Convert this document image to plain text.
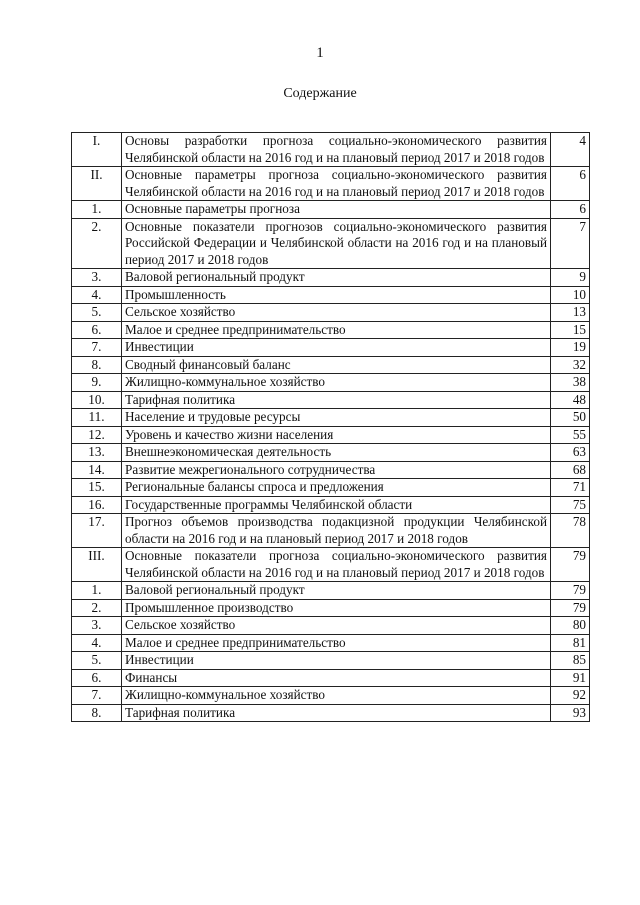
1
Содержание
I.	Основы разработки прогноза социально-экономического развития Челябинской области на 2016 год и на плановый период 2017 и 2018 годов	4
II.	Основные параметры прогноза социально-экономического развития Челябинской области на 2016 год и на плановый период 2017 и 2018 годов	6
1.	Основные параметры прогноза	6
2.	Основные показатели прогнозов социально-экономического развития Российской Федерации и Челябинской области на 2016 год и на плановый период 2017 и 2018 годов	7
3.	Валовой региональный продукт	9
4.	Промышленность	10
5.	Сельское хозяйство	13
6.	Малое и среднее предпринимательство	15
7.	Инвестиции	19
8.	Сводный финансовый баланс	32
9.	Жилищно-коммунальное хозяйство	38
10.	Тарифная политика	48
11.	Население и трудовые ресурсы	50
12.	Уровень и качество жизни населения	55
13.	Внешнеэкономическая деятельность	63
14.	Развитие межрегионального сотрудничества	68
15.	Региональные балансы спроса и предложения	71
16.	Государственные программы Челябинской области	75
17.	Прогноз объемов производства подакцизной продукции Челябинской области на 2016 год и на плановый период 2017 и 2018 годов	78
III.	Основные показатели прогноза социально-экономического развития Челябинской области на 2016 год и на плановый период 2017 и 2018 годов	79
1.	Валовой региональный продукт	79
2.	Промышленное производство	79
3.	Сельское хозяйство	80
4.	Малое и среднее предпринимательство	81
5.	Инвестиции	85
6.	Финансы	91
7.	Жилищно-коммунальное хозяйство	92
8.	Тарифная политика	93
